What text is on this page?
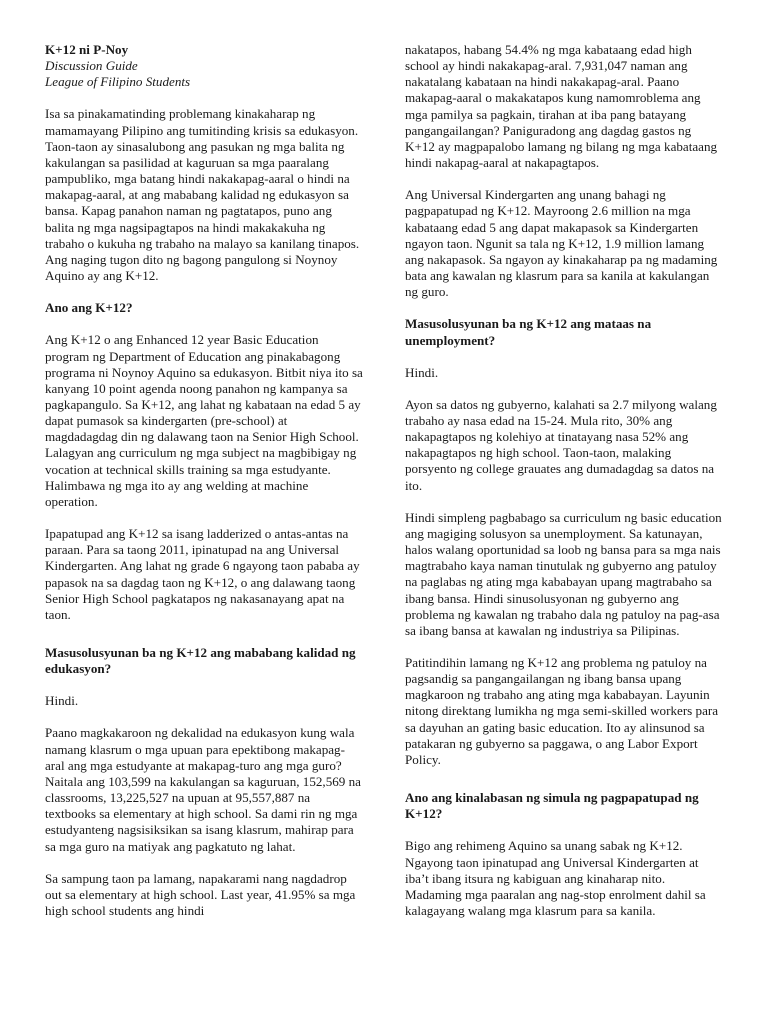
K+12 ni P-Noy

Discussion Guide

League of Filipino Students

Isa sa pinakamatinding problemang kinakaharap ng mamamayang Pilipino ang tumitinding krisis sa edukasyon. Taon-taon ay sinasalubong ang pasukan ng mga balita ng kakulangan sa pasilidad at kaguruan sa mga paaralang pampubliko, mga batang hindi nakakapag-aaral o hindi na makapag-aaral, at ang mababang kalidad ng edukasyon sa bansa. Kapag panahon naman ng pagtatapos, puno ang balita ng mga nagsipagtapos na hindi makakakuha ng trabaho o kukuha ng trabaho na malayo sa kanilang tinapos. Ang naging tugon dito ng bagong pangulong si Noynoy Aquino ay ang K+12.

Ano ang K+12?

Ang K+12 o ang Enhanced 12 year Basic Education program ng Department of Education ang pinakabagong programa ni Noynoy Aquino sa edukasyon. Bitbit niya ito sa kanyang 10 point agenda noong panahon ng kampanya sa pagkapangulo. Sa K+12, ang lahat ng kabataan na edad 5 ay dapat pumasok sa kindergarten (pre-school) at magdadagdag din ng dalawang taon na Senior High School. Lalagyan ang curriculum ng mga subject na magbibigay ng vocation at technical skills training sa mga estudyante. Halimbawa ng mga ito ay ang welding at machine operation.

Ipapatupad ang K+12 sa isang ladderized o antas-antas na paraan. Para sa taong 2011, ipinatupad na ang Universal Kindergarten. Ang lahat ng grade 6 ngayong taon pababa ay papasok na sa dagdag taon ng K+12, o ang dalawang taong Senior High School pagkatapos ng nakasanayang apat na taon.

Masusolusyunan ba ng K+12 ang mababang kalidad ng edukasyon?

Hindi.

Paano magkakaroon ng dekalidad na edukasyon kung wala namang klasrum o mga upuan para epektibong makapag-aral ang mga estudyante at makapag-turo ang mga guro? Naitala ang 103,599 na kakulangan sa kaguruan, 152,569 na classrooms, 13,225,527 na upuan at 95,557,887 na textbooks sa elementary at high school. Sa dami rin ng mga estudyanteng nagsisiksikan sa isang klasrum, mahirap para sa mga guro na matiyak ang pagkatuto ng lahat.

Sa sampung taon pa lamang, napakarami nang nagdadrop out sa elementary at high school. Last year, 41.95% sa mga high school students ang hindi

nakatapos, habang 54.4% ng mga kabataang edad high school ay hindi nakakapag-aral. 7,931,047 naman ang nakatalang kabataan na hindi nakakapag-aral. Paano makapag-aaral o makakatapos kung namomroblema ang mga pamilya sa pagkain, tirahan at iba pang batayang pangangailangan? Paniguradong ang dagdag gastos ng K+12 ay magpapalobo lamang ng bilang ng mga kabataang hindi nakapag-aaral at nakapagtapos.

Ang Universal Kindergarten ang unang bahagi ng pagpapatupad ng K+12. Mayroong 2.6 million na mga kabataang edad 5 ang dapat makapasok sa Kindergarten ngayon taon. Ngunit sa tala ng K+12, 1.9 million lamang ang nakapasok. Sa ngayon ay kinakaharap pa ng madaming bata ang kawalan ng klasrum para sa kanila at kakulangan ng guro.

Masusolusyunan ba ng K+12 ang mataas na unemployment?

Hindi.

Ayon sa datos ng gubyerno, kalahati sa 2.7 milyong walang trabaho ay nasa edad na 15-24. Mula rito, 30% ang nakapagtapos ng kolehiyo at tinatayang nasa 52% ang nakapagtapos ng high school. Taon-taon, malaking porsyento ng college grauates ang dumadagdag sa datos na ito.

Hindi simpleng pagbabago sa curriculum ng basic education ang magiging solusyon sa unemployment. Sa katunayan, halos walang oportunidad sa loob ng bansa para sa mga nais magtrabaho kaya naman tinutulak ng gubyerno ang patuloy na paglabas ng ating mga kababayan upang magtrabaho sa ibang bansa. Hindi sinusolusyonan ng gubyerno ang problema ng kawalan ng trabaho dala ng patuloy na pag-asa sa ibang bansa at kawalan ng industriya sa Pilipinas.

Patitindihin lamang ng K+12 ang problema ng patuloy na pagsandig sa pangangailangan ng ibang bansa upang magkaroon ng trabaho ang ating mga kababayan. Layunin nitong direktang lumikha ng mga semi-skilled workers para sa dayuhan an gating basic education. Ito ay alinsunod sa patakaran ng gubyerno sa paggawa, o ang Labor Export Policy.

Ano ang kinalabasan ng simula ng pagpapatupad ng K+12?

Bigo ang rehimeng Aquino sa unang sabak ng K+12. Ngayong taon ipinatupad ang Universal Kindergarten at iba’t ibang itsura ng kabiguan ang kinaharap nito. Madaming mga paaralan ang nag-stop enrolment dahil sa kalagayang walang mga klasrum para sa kanila.
